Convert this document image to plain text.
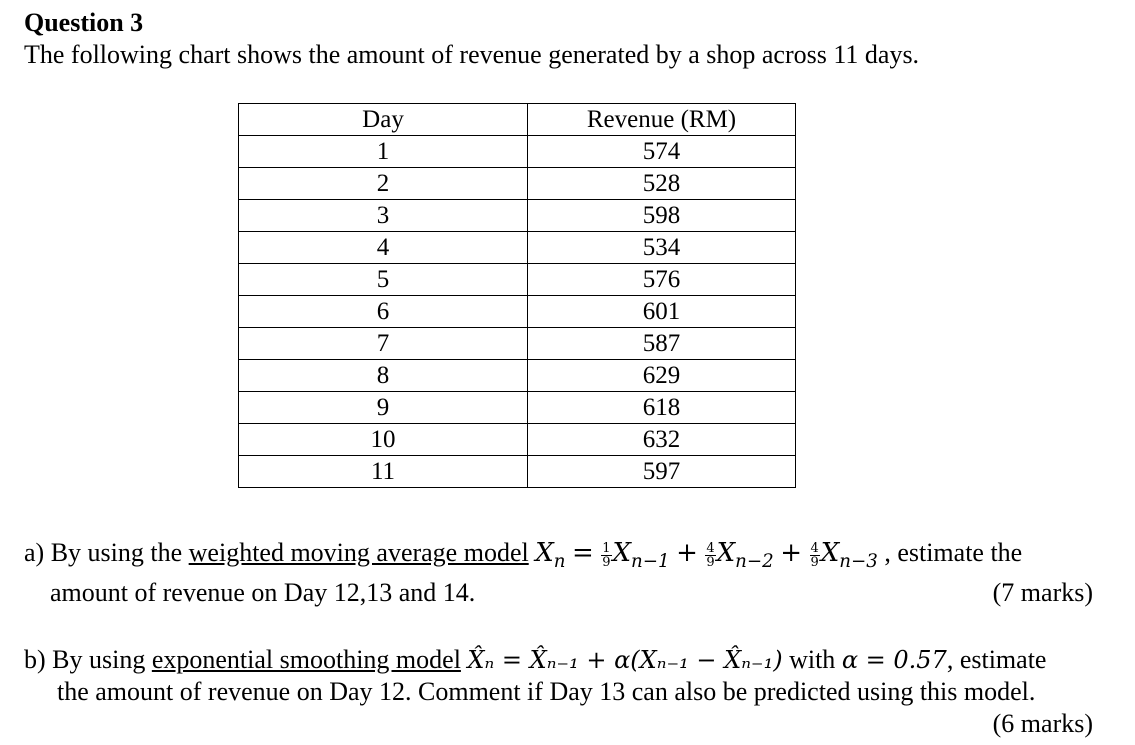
Question 3
The following chart shows the amount of revenue generated by a shop across 11 days.
Day	Revenue (RM)
1	574
2	528
3	598
4	534
5	576
6	601
7	587
8	629
9	618
10	632
11	597
a) By using the weighted moving average model $X_n = \frac{1}{9} X_{n-1} + \frac{4}{9} X_{n-2} + \frac{4}{9} X_{n-3}$ , estimate the
amount of revenue on Day 12,13 and 14.	(7 marks)
b) By using exponential smoothing model X̂ₙ = X̂ₙ₋₁ + α(Xₙ₋₁ − X̂ₙ₋₁) with α = 0.57, estimate
the amount of revenue on Day 12. Comment if Day 13 can also be predicted using this model.
(6 marks)
